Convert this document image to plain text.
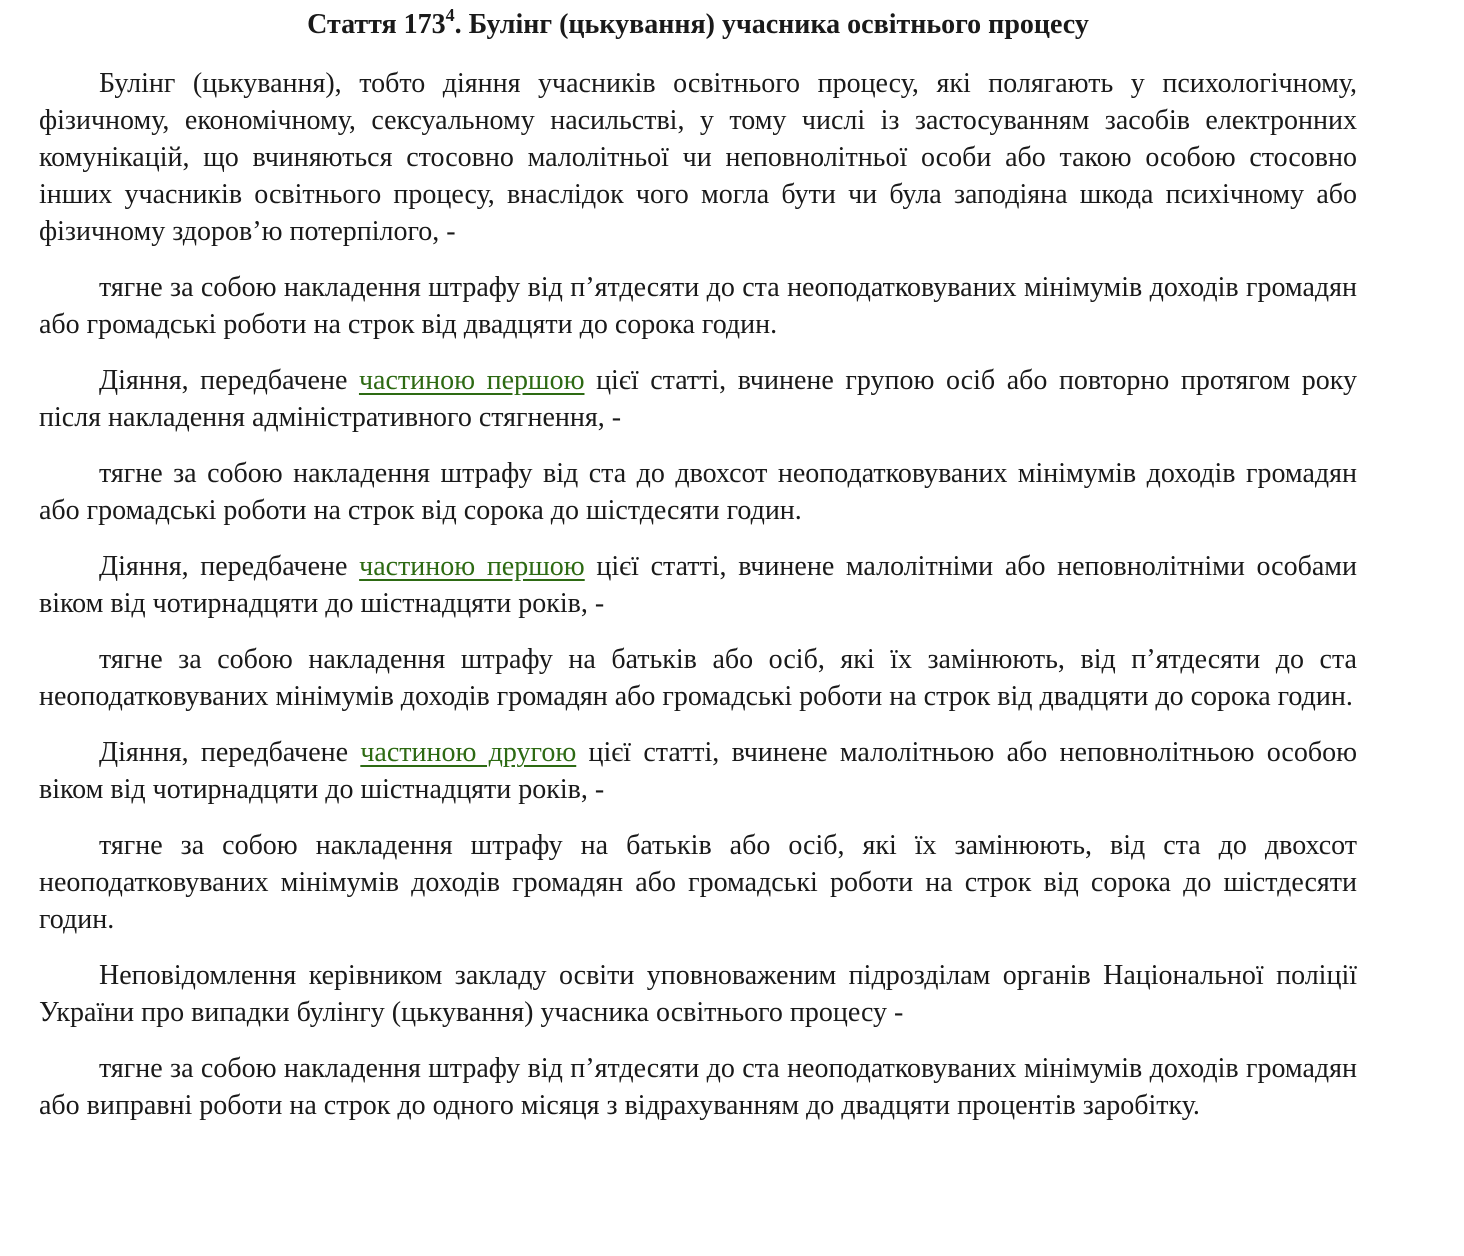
Стаття $173^4$. Булінг (цькування) учасника освітнього процесу

Булінг (цькування), тобто діяння учасників освітнього процесу, які полягають у психологічному, фізичному, економічному, сексуальному насильстві, у тому числі із застосуванням засобів електронних комунікацій, що вчиняються стосовно малолітньої чи неповнолітньої особи або такою особою стосовно інших учасників освітнього процесу, внаслідок чого могла бути чи була заподіяна шкода психічному або фізичному здоров’ю потерпілого, -

тягне за собою накладення штрафу від п’ятдесяти до ста неоподатковуваних мінімумів доходів громадян або громадські роботи на строк від двадцяти до сорока годин.

Діяння, передбачене частиною першою цієї статті, вчинене групою осіб або повторно протягом року після накладення адміністративного стягнення, -

тягне за собою накладення штрафу від ста до двохсот неоподатковуваних мінімумів доходів громадян або громадські роботи на строк від сорока до шістдесяти годин.

Діяння, передбачене частиною першою цієї статті, вчинене малолітніми або неповнолітніми особами віком від чотирнадцяти до шістнадцяти років, -

тягне за собою накладення штрафу на батьків або осіб, які їх замінюють, від п’ятдесяти до ста неоподатковуваних мінімумів доходів громадян або громадські роботи на строк від двадцяти до сорока годин.

Діяння, передбачене частиною другою цієї статті, вчинене малолітньою або неповнолітньою особою віком від чотирнадцяти до шістнадцяти років, -

тягне за собою накладення штрафу на батьків або осіб, які їх замінюють, від ста до двохсот неоподатковуваних мінімумів доходів громадян або громадські роботи на строк від сорока до шістдесяти годин.

Неповідомлення керівником закладу освіти уповноваженим підрозділам органів Національної поліції України про випадки булінгу (цькування) учасника освітнього процесу -

тягне за собою накладення штрафу від п’ятдесяти до ста неоподатковуваних мінімумів доходів громадян або виправні роботи на строк до одного місяця з відрахуванням до двадцяти процентів заробітку.
